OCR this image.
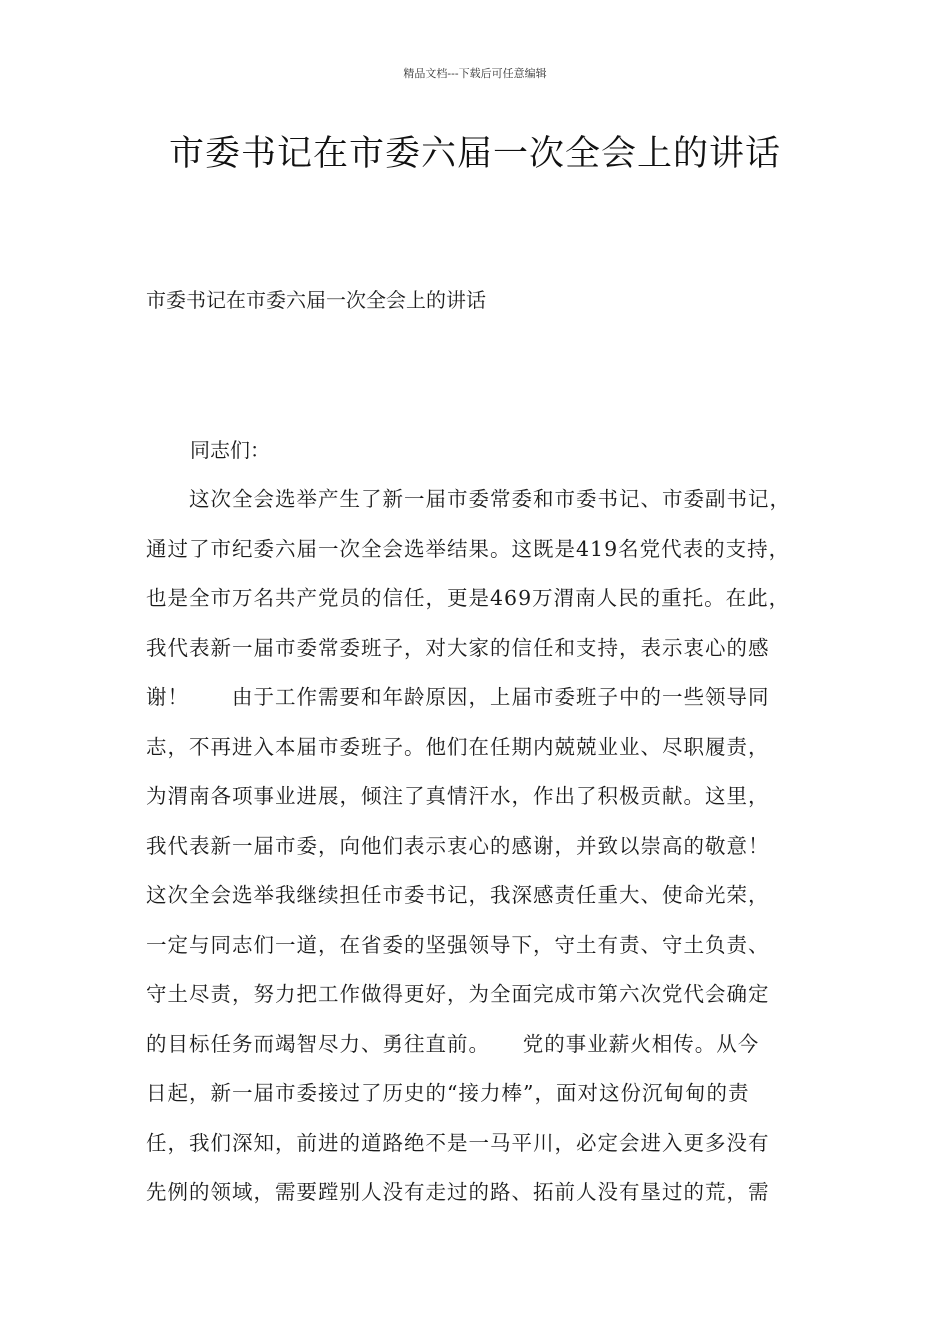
精品文档---下载后可任意编辑
市委书记在市委六届一次全会上的讲话
市委书记在市委六届一次全会上的讲话
同志们：
　　这次全会选举产生了新一届市委常委和市委书记、市委副书记，
通过了市纪委六届一次全会选举结果。这既是419名党代表的支持，
也是全市万名共产党员的信任，更是469万渭南人民的重托。在此，
我代表新一届市委常委班子，对大家的信任和支持，表示衷心的感
谢！　　由于工作需要和年龄原因，上届市委班子中的一些领导同
志，不再进入本届市委班子。他们在任期内兢兢业业、尽职履责，
为渭南各项事业进展，倾注了真情汗水，作出了积极贡献。这里，
我代表新一届市委，向他们表示衷心的感谢，并致以崇高的敬意！
这次全会选举我继续担任市委书记，我深感责任重大、使命光荣，
一定与同志们一道，在省委的坚强领导下，守土有责、守土负责、
守土尽责，努力把工作做得更好，为全面完成市第六次党代会确定
的目标任务而竭智尽力、勇往直前。　　党的事业薪火相传。从今
日起，新一届市委接过了历史的“接力棒”，面对这份沉甸甸的责
任，我们深知，前进的道路绝不是一马平川，必定会进入更多没有
先例的领域，需要蹚别人没有走过的路、拓前人没有垦过的荒，需
